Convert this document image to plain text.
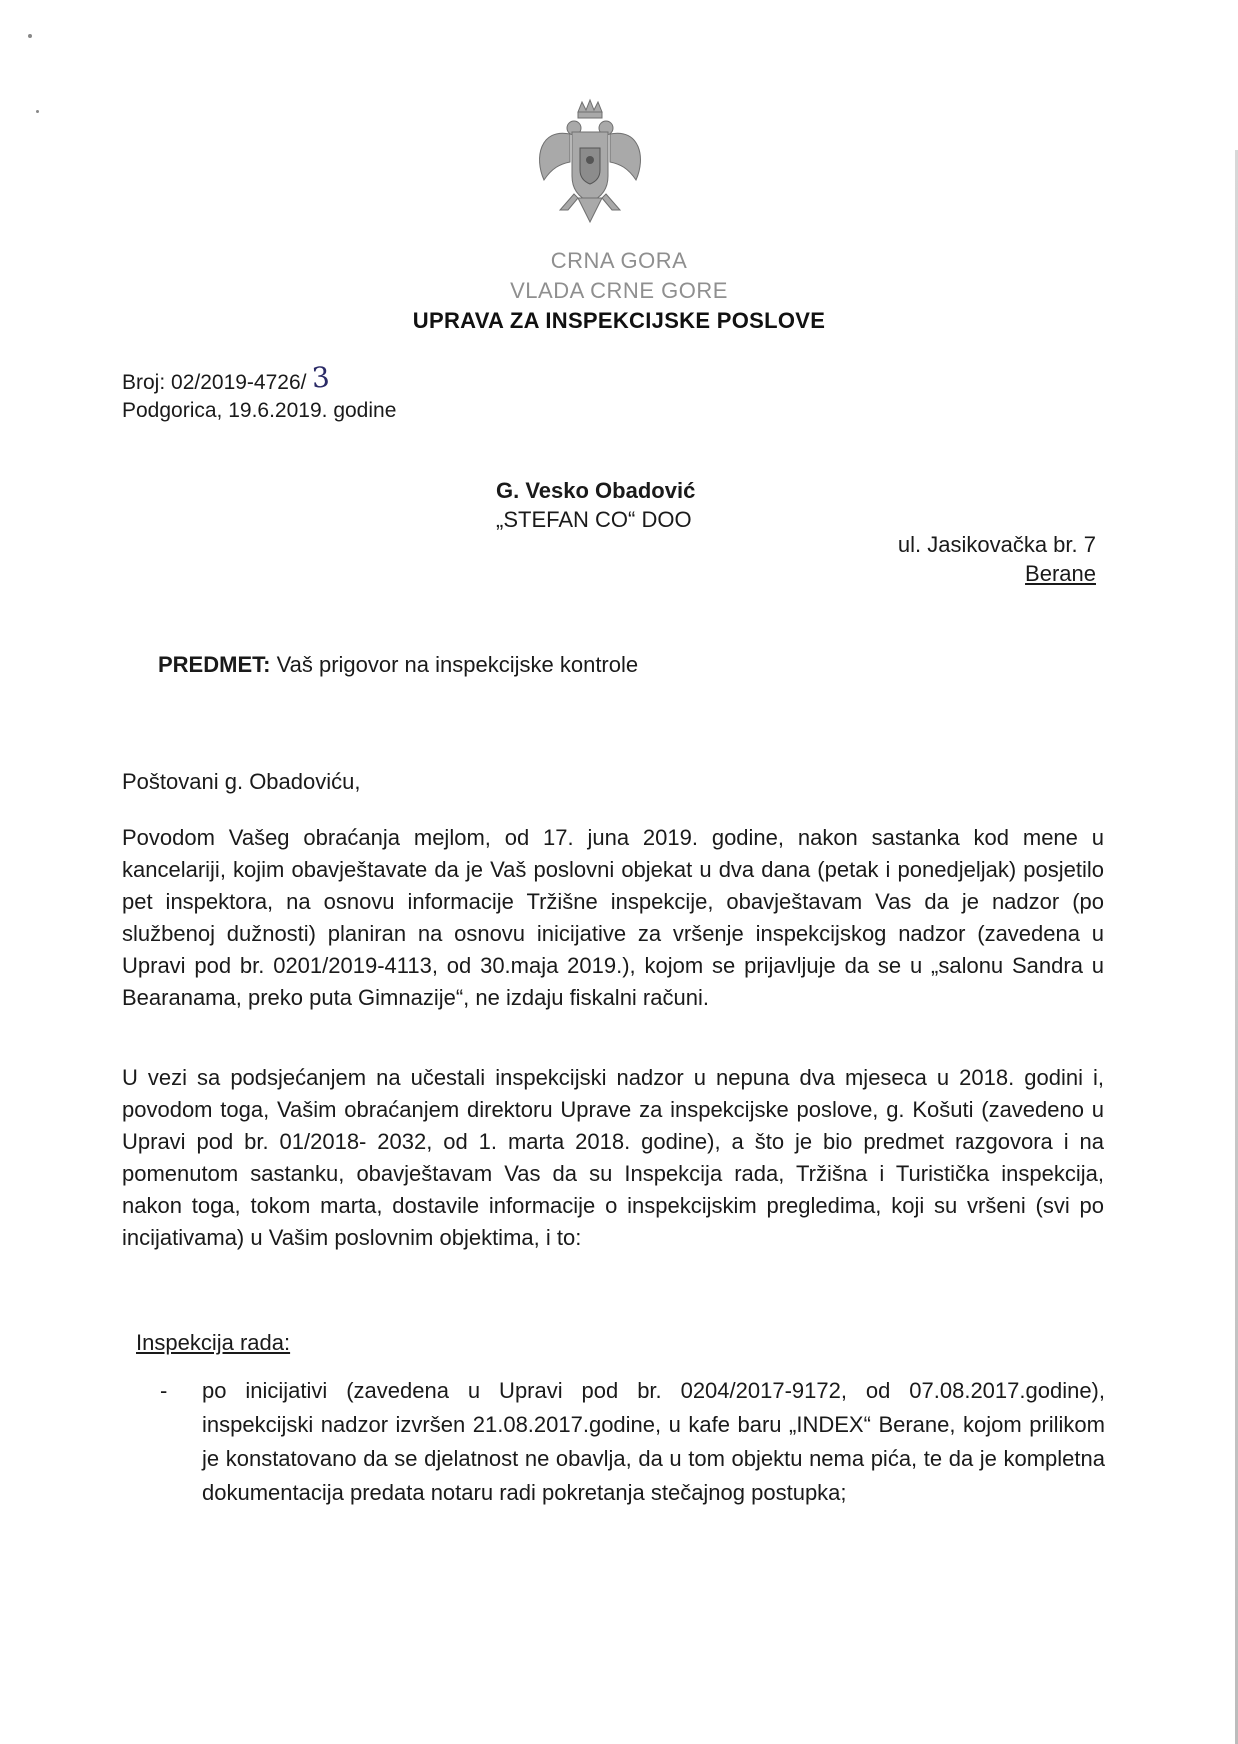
CRNA GORA
VLADA CRNE GORE
UPRAVA ZA INSPEKCIJSKE POSLOVE
Broj: 02/2019-4726/ 3
Podgorica, 19.6.2019. godine
G. Vesko Obadović
„STEFAN CO“ DOO
ul. Jasikovačka br. 7
Berane
PREDMET: Vaš prigovor na inspekcijske kontrole
Poštovani g. Obadoviću,
Povodom Vašeg obraćanja mejlom, od 17. juna 2019. godine, nakon sastanka kod mene u kancelariji, kojim obavještavate da je Vaš poslovni objekat u dva dana (petak i ponedjeljak) posjetilo pet inspektora, na osnovu informacije Tržišne inspekcije, obavještavam Vas da je nadzor (po službenoj dužnosti) planiran na osnovu inicijative za vršenje inspekcijskog nadzor (zavedena u Upravi pod br. 0201/2019-4113, od 30.maja 2019.), kojom se prijavljuje da se u „salonu Sandra u Bearanama, preko puta Gimnazije“, ne izdaju fiskalni računi.
U vezi sa podsjećanjem na učestali inspekcijski nadzor u nepuna dva mjeseca u 2018. godini i, povodom toga, Vašim obraćanjem direktoru Uprave za inspekcijske poslove, g. Košuti (zavedeno u Upravi pod br. 01/2018- 2032, od 1. marta 2018. godine), a što je bio predmet razgovora i na pomenutom sastanku, obavještavam Vas da su Inspekcija rada, Tržišna i Turistička inspekcija, nakon toga, tokom marta, dostavile informacije o inspekcijskim pregledima, koji su vršeni (svi po incijativama) u Vašim poslovnim objektima, i to:
Inspekcija rada:
-	po inicijativi (zavedena u Upravi pod br. 0204/2017-9172, od 07.08.2017.godine), inspekcijski nadzor izvršen 21.08.2017.godine, u kafe baru „INDEX“ Berane, kojom prilikom je konstatovano da se djelatnost ne obavlja, da u tom objektu nema pića, te da je kompletna dokumentacija predata notaru radi pokretanja stečajnog postupka;
